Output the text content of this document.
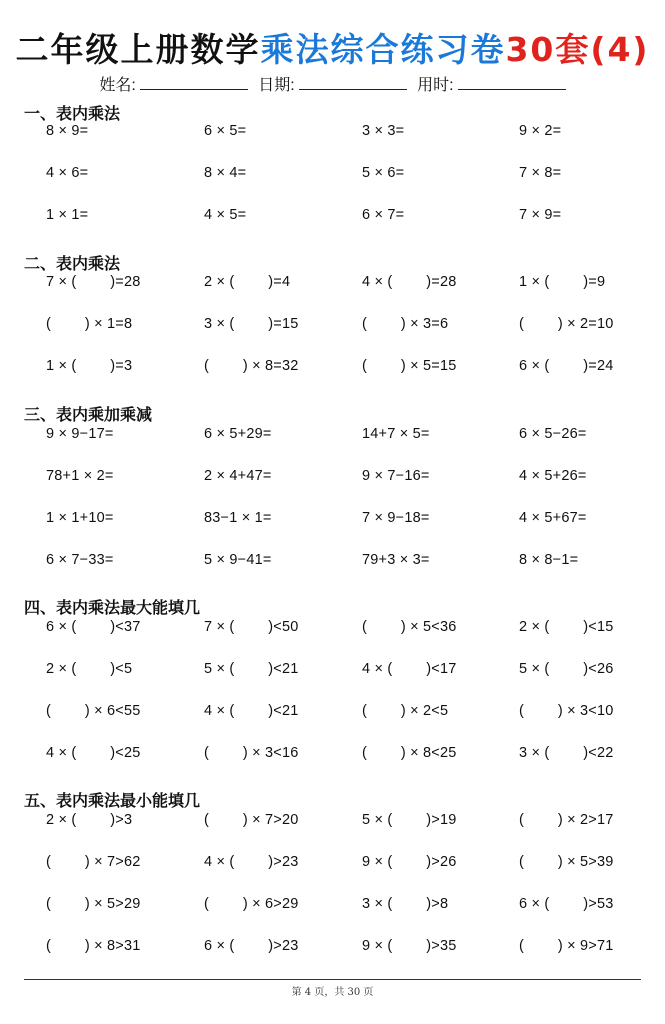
二年级上册数学乘法综合练习卷30套(4)
姓名:	日期:	用时:
一、表内乘法
8 × 9=	6 × 5=	3 × 3=	9 × 2=
4 × 6=	8 × 4=	5 × 6=	7 × 8=
1 × 1=	4 × 5=	6 × 7=	7 × 9=
二、表内乘法
7 × (        )=28	2 × (        )=4	4 × (        )=28	1 × (        )=9
(        ) × 1=8	3 × (        )=15	(        ) × 3=6	(        ) × 2=10
1 × (        )=3	(        ) × 8=32	(        ) × 5=15	6 × (        )=24
三、表内乘加乘减
9 × 9−17=	6 × 5+29=	14+7 × 5=	6 × 5−26=
78+1 × 2=	2 × 4+47=	9 × 7−16=	4 × 5+26=
1 × 1+10=	83−1 × 1=	7 × 9−18=	4 × 5+67=
6 × 7−33=	5 × 9−41=	79+3 × 3=	8 × 8−1=
四、表内乘法最大能填几
6 × (        )<37	7 × (        )<50	(        ) × 5<36	2 × (        )<15
2 × (        )<5	5 × (        )<21	4 × (        )<17	5 × (        )<26
(        ) × 6<55	4 × (        )<21	(        ) × 2<5	(        ) × 3<10
4 × (        )<25	(        ) × 3<16	(        ) × 8<25	3 × (        )<22
五、表内乘法最小能填几
2 × (        )>3	(        ) × 7>20	5 × (        )>19	(        ) × 2>17
(        ) × 7>62	4 × (        )>23	9 × (        )>26	(        ) × 5>39
(        ) × 5>29	(        ) × 6>29	3 × (        )>8	6 × (        )>53
(        ) × 8>31	6 × (        )>23	9 × (        )>35	(        ) × 9>71
第 4 页，共 30 页
